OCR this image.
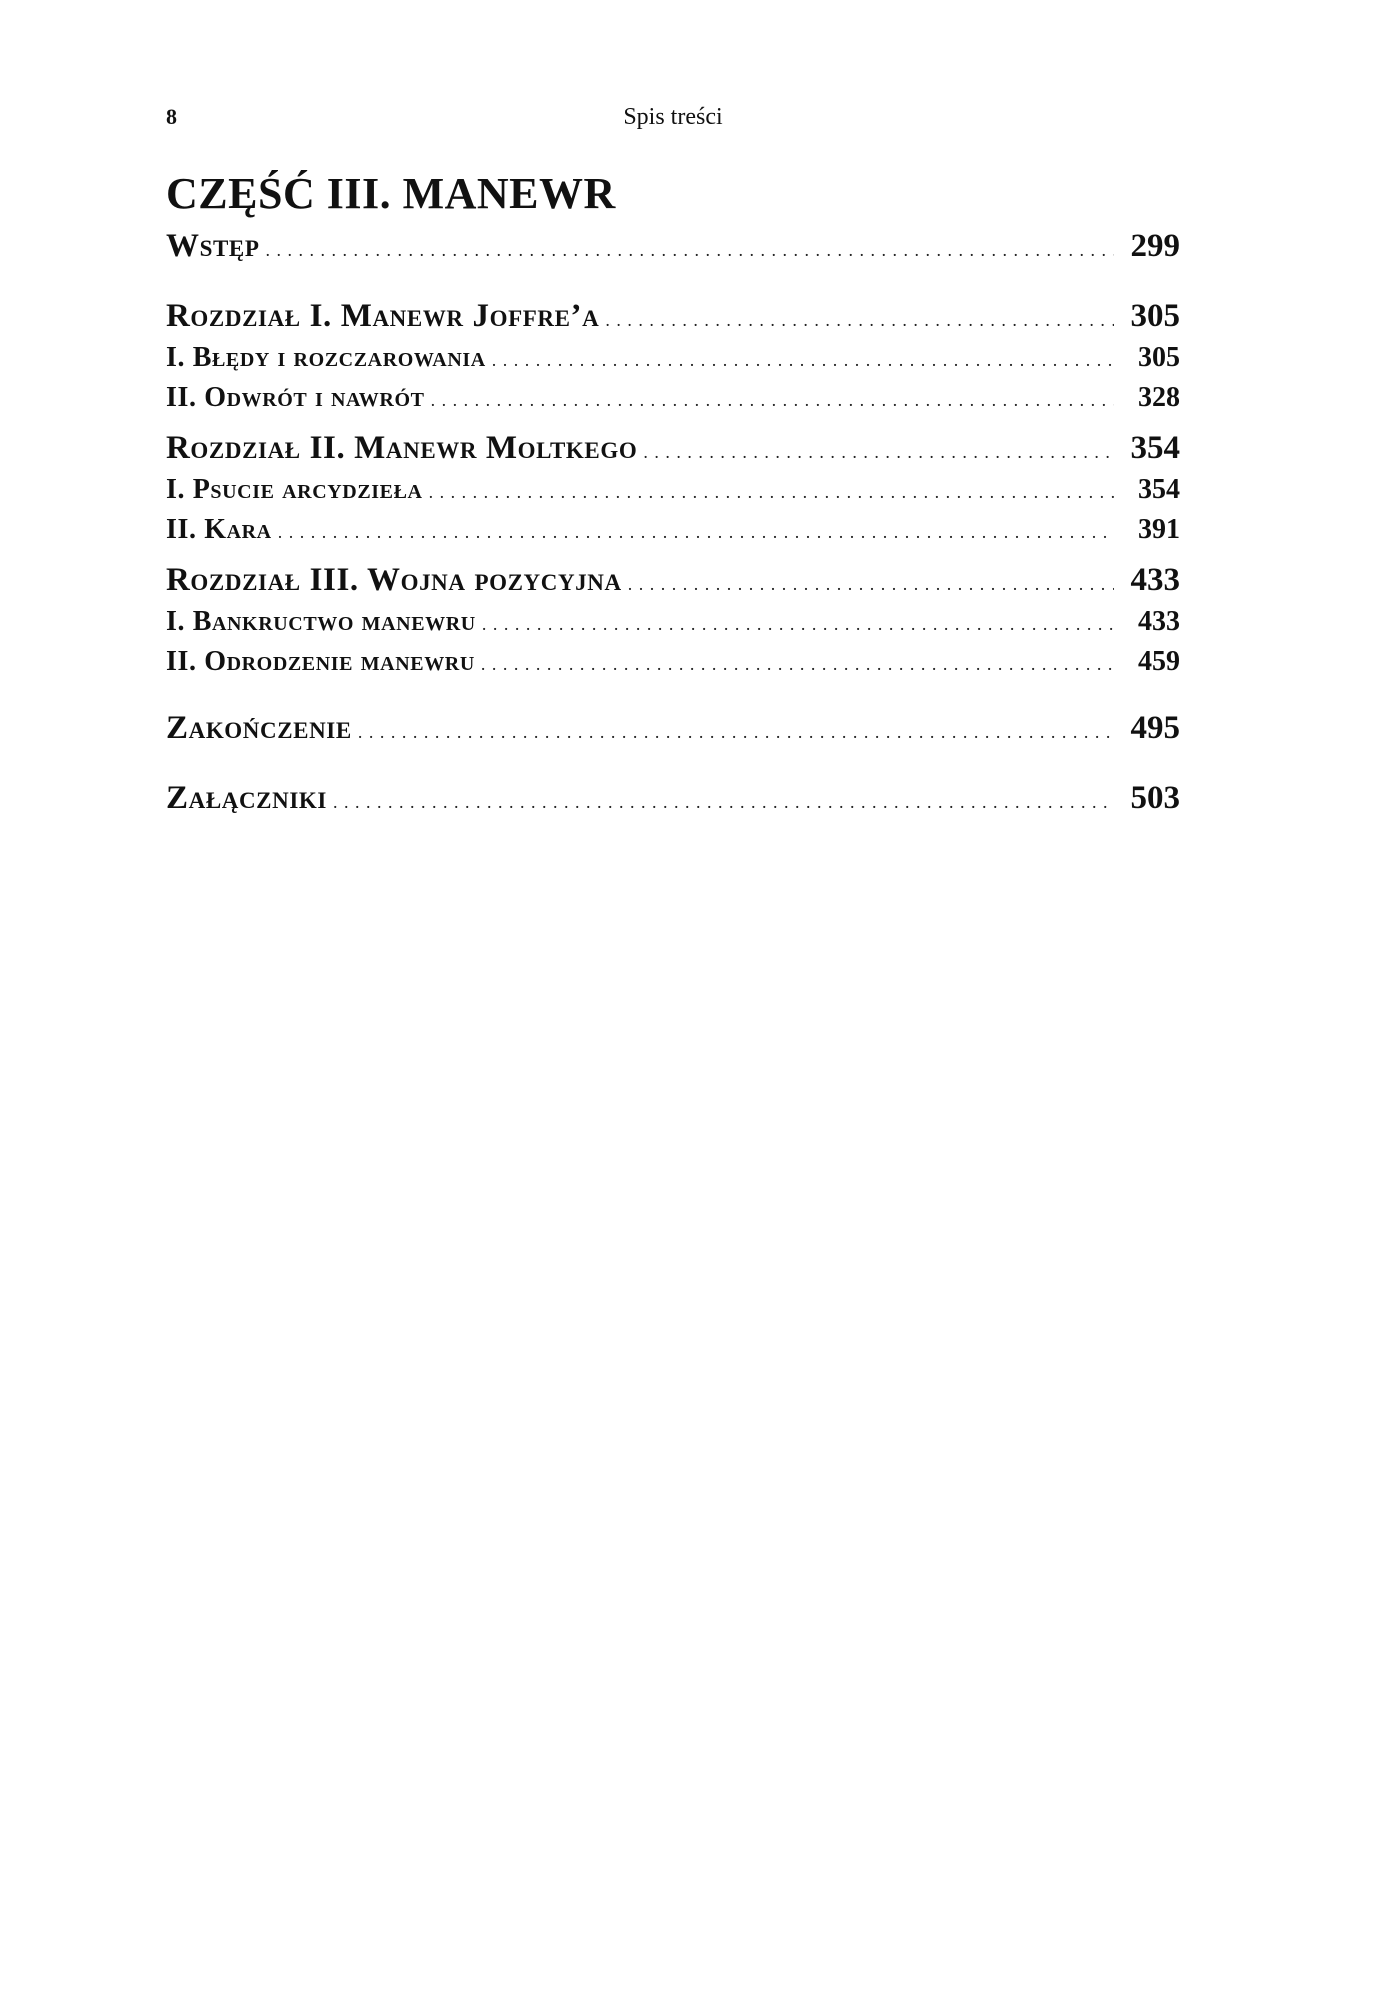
8	Spis treści
CZĘŚĆ III. MANEWR
Wstęp . . .	299
Rozdział I. Manewr Joffre’a . . .	305
I. Błędy i rozczarowania . . .	305
II. Odwrót i nawrót . . .	328
Rozdział II. Manewr Moltkego . . .	354
I. Psucie arcydzieła . . .	354
II. Kara . . .	391
Rozdział III. Wojna pozycyjna . . .	433
I. Bankructwo manewru . . .	433
II. Odrodzenie manewru . . .	459
Zakończenie . . .	495
Załączniki . . .	503
